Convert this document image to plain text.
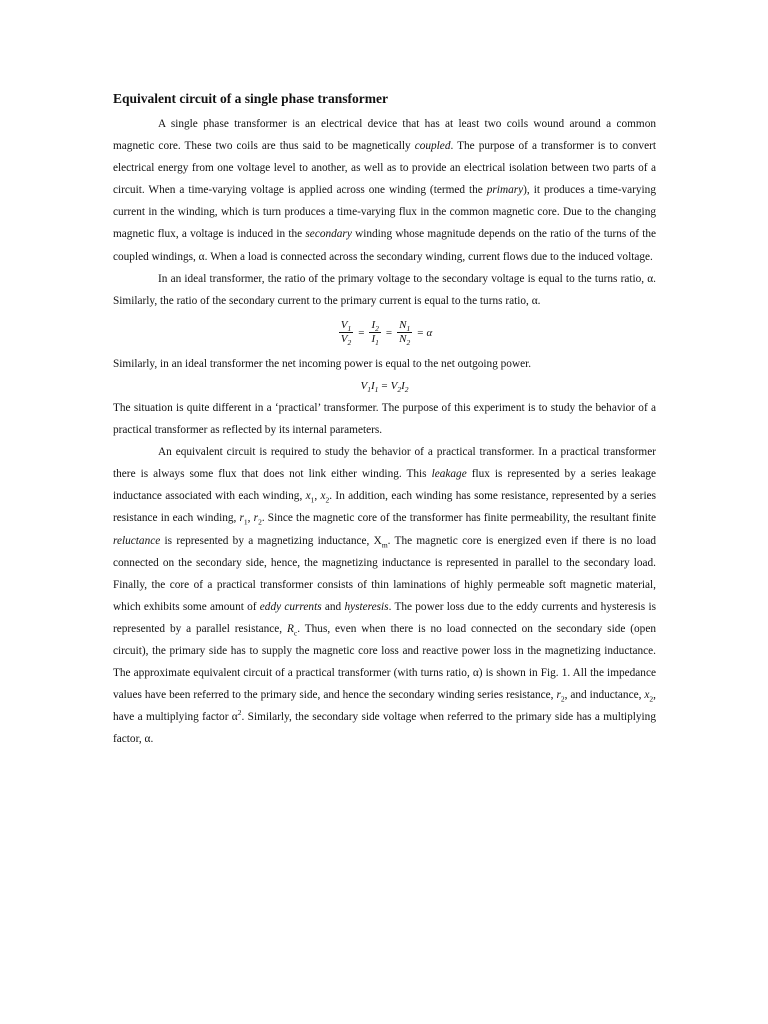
Equivalent circuit of a single phase transformer

A single phase transformer is an electrical device that has at least two coils wound around a common magnetic core. These two coils are thus said to be magnetically coupled. The purpose of a transformer is to convert electrical energy from one voltage level to another, as well as to provide an electrical isolation between two parts of a circuit. When a time-varying voltage is applied across one winding (termed the primary), it produces a time-varying current in the winding, which is turn produces a time-varying flux in the common magnetic core. Due to the changing magnetic flux, a voltage is induced in the secondary winding whose magnitude depends on the ratio of the turns of the coupled windings, α. When a load is connected across the secondary winding, current flows due to the induced voltage.

In an ideal transformer, the ratio of the primary voltage to the secondary voltage is equal to the turns ratio, α. Similarly, the ratio of the secondary current to the primary current is equal to the turns ratio, α.

$\frac{V_1}{V_2} = \frac{I_2}{I_1} = \frac{N_1}{N_2} = \alpha$

Similarly, in an ideal transformer the net incoming power is equal to the net outgoing power.

$V_1I_1 = V_2I_2$

The situation is quite different in a ‘practical’ transformer. The purpose of this experiment is to study the behavior of a practical transformer as reflected by its internal parameters.

An equivalent circuit is required to study the behavior of a practical transformer. In a practical transformer there is always some flux that does not link either winding. This leakage flux is represented by a series leakage inductance associated with each winding, $x_1$, $x_2$. In addition, each winding has some resistance, represented by a series resistance in each winding, $r_1$, $r_2$. Since the magnetic core of the transformer has finite permeability, the resultant finite reluctance is represented by a magnetizing inductance, $X_m$. The magnetic core is energized even if there is no load connected on the secondary side, hence, the magnetizing inductance is represented in parallel to the secondary load. Finally, the core of a practical transformer consists of thin laminations of highly permeable soft magnetic material, which exhibits some amount of eddy currents and hysteresis. The power loss due to the eddy currents and hysteresis is represented by a parallel resistance, $R_c$. Thus, even when there is no load connected on the secondary side (open circuit), the primary side has to supply the magnetic core loss and reactive power loss in the magnetizing inductance. The approximate equivalent circuit of a practical transformer (with turns ratio, α) is shown in Fig. 1. All the impedance values have been referred to the primary side, and hence the secondary winding series resistance, $r_2$, and inductance, $x_2$, have a multiplying factor $\alpha^2$. Similarly, the secondary side voltage when referred to the primary side has a multiplying factor, α.
